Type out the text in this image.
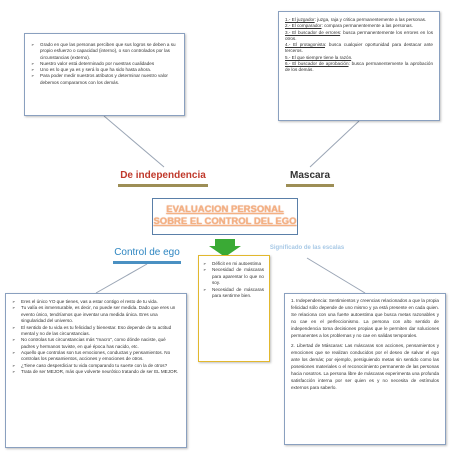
➢ Grado en que las personas perciben que sus logros se deben a su propio esfuerzo o capacidad (interno), o son controlados por las circunstancias (externo).
➢ Nuestro valor está determinado por nuestras cualidades
➢ Uno es lo que ya es y será lo que ha sido hasta ahora.
➢ Para poder medir nuestros atributos y determinar nuestro valor debemos compararnos con los demás.

1.- El juzgador: juzga, raja y critica permanentemente a las personas.

2.- El comparador: compara permanentemente a las personas.

3.- El buscador de errores: busca permanentemente los errores en los otros.

4.- El protagonista: busca cualquier oportunidad para destacar ante terceros.

5.- El que siempre tiene la razón.

6.- El buscador de aprobación: busca permanentemente la aprobación de los demás.

De independencia	Mascara
EVALUACION PERSONAL
SOBRE EL CONTROL DEL EGO
Control de ego	Significado de las escalas
➢ Eres el único YO que tienes, vas a estar contigo el resto de tu vida.
➢ Tu valía es inmensurable, es decir, no puede ser medida. Dado que eres un evento único, tendríamos que inventar una medida única. Eres una singularidad del universo.
➢ El sentido de tu vida es tu felicidad y bienestar. Eso depende de tu actitud mental y no de las circunstancias.
➢ No controlas tus circunstancias más "macro", como dónde naciste, qué padres y hermanos tuviste, en qué época has nacido, etc.
➢ Aquello que controlas son tus emociones, conductas y pensamientos. No controlas los pensamientos, acciones y emociones de otros.
➢ ¿Tiene caso desperdiciar tu vida comparando tu suerte con la de otros?
➢ Trata de ser MEJOR, más que volverte neurótico tratando de ser EL MEJOR.
➢ Déficit en mi autoestima
➢ Necesidad de máscaras para aparentar lo que no soy.
➢ Necesidad de máscaras para sentirme bien.

1. Independencia: Sentimientos y creencias relacionados a que la propia felicidad sólo depende de uno mismo y ya está presente en cada quien. Se relaciona con una fuerte autoestima que busca metas razonables y no cae en el perfeccionismo. La persona con alto sentido de independencia toma decisiones propias que le permiten dar soluciones permanentes a los problemas y no cae en salidas temporales.

2. Libertad de Máscaras: Las máscaras son acciones, pensamientos y emociones que se realizan conducidos por el deseo de salvar el ego ante los demás; por ejemplo, persiguiendo metas sin sentido como las posesiones materiales o el reconocimiento permanente de las personas hacia nosotros. La persona libre de máscaras experimenta una profunda satisfacción interna por ser quien es y no necesita de estímulos externos para saberlo.
